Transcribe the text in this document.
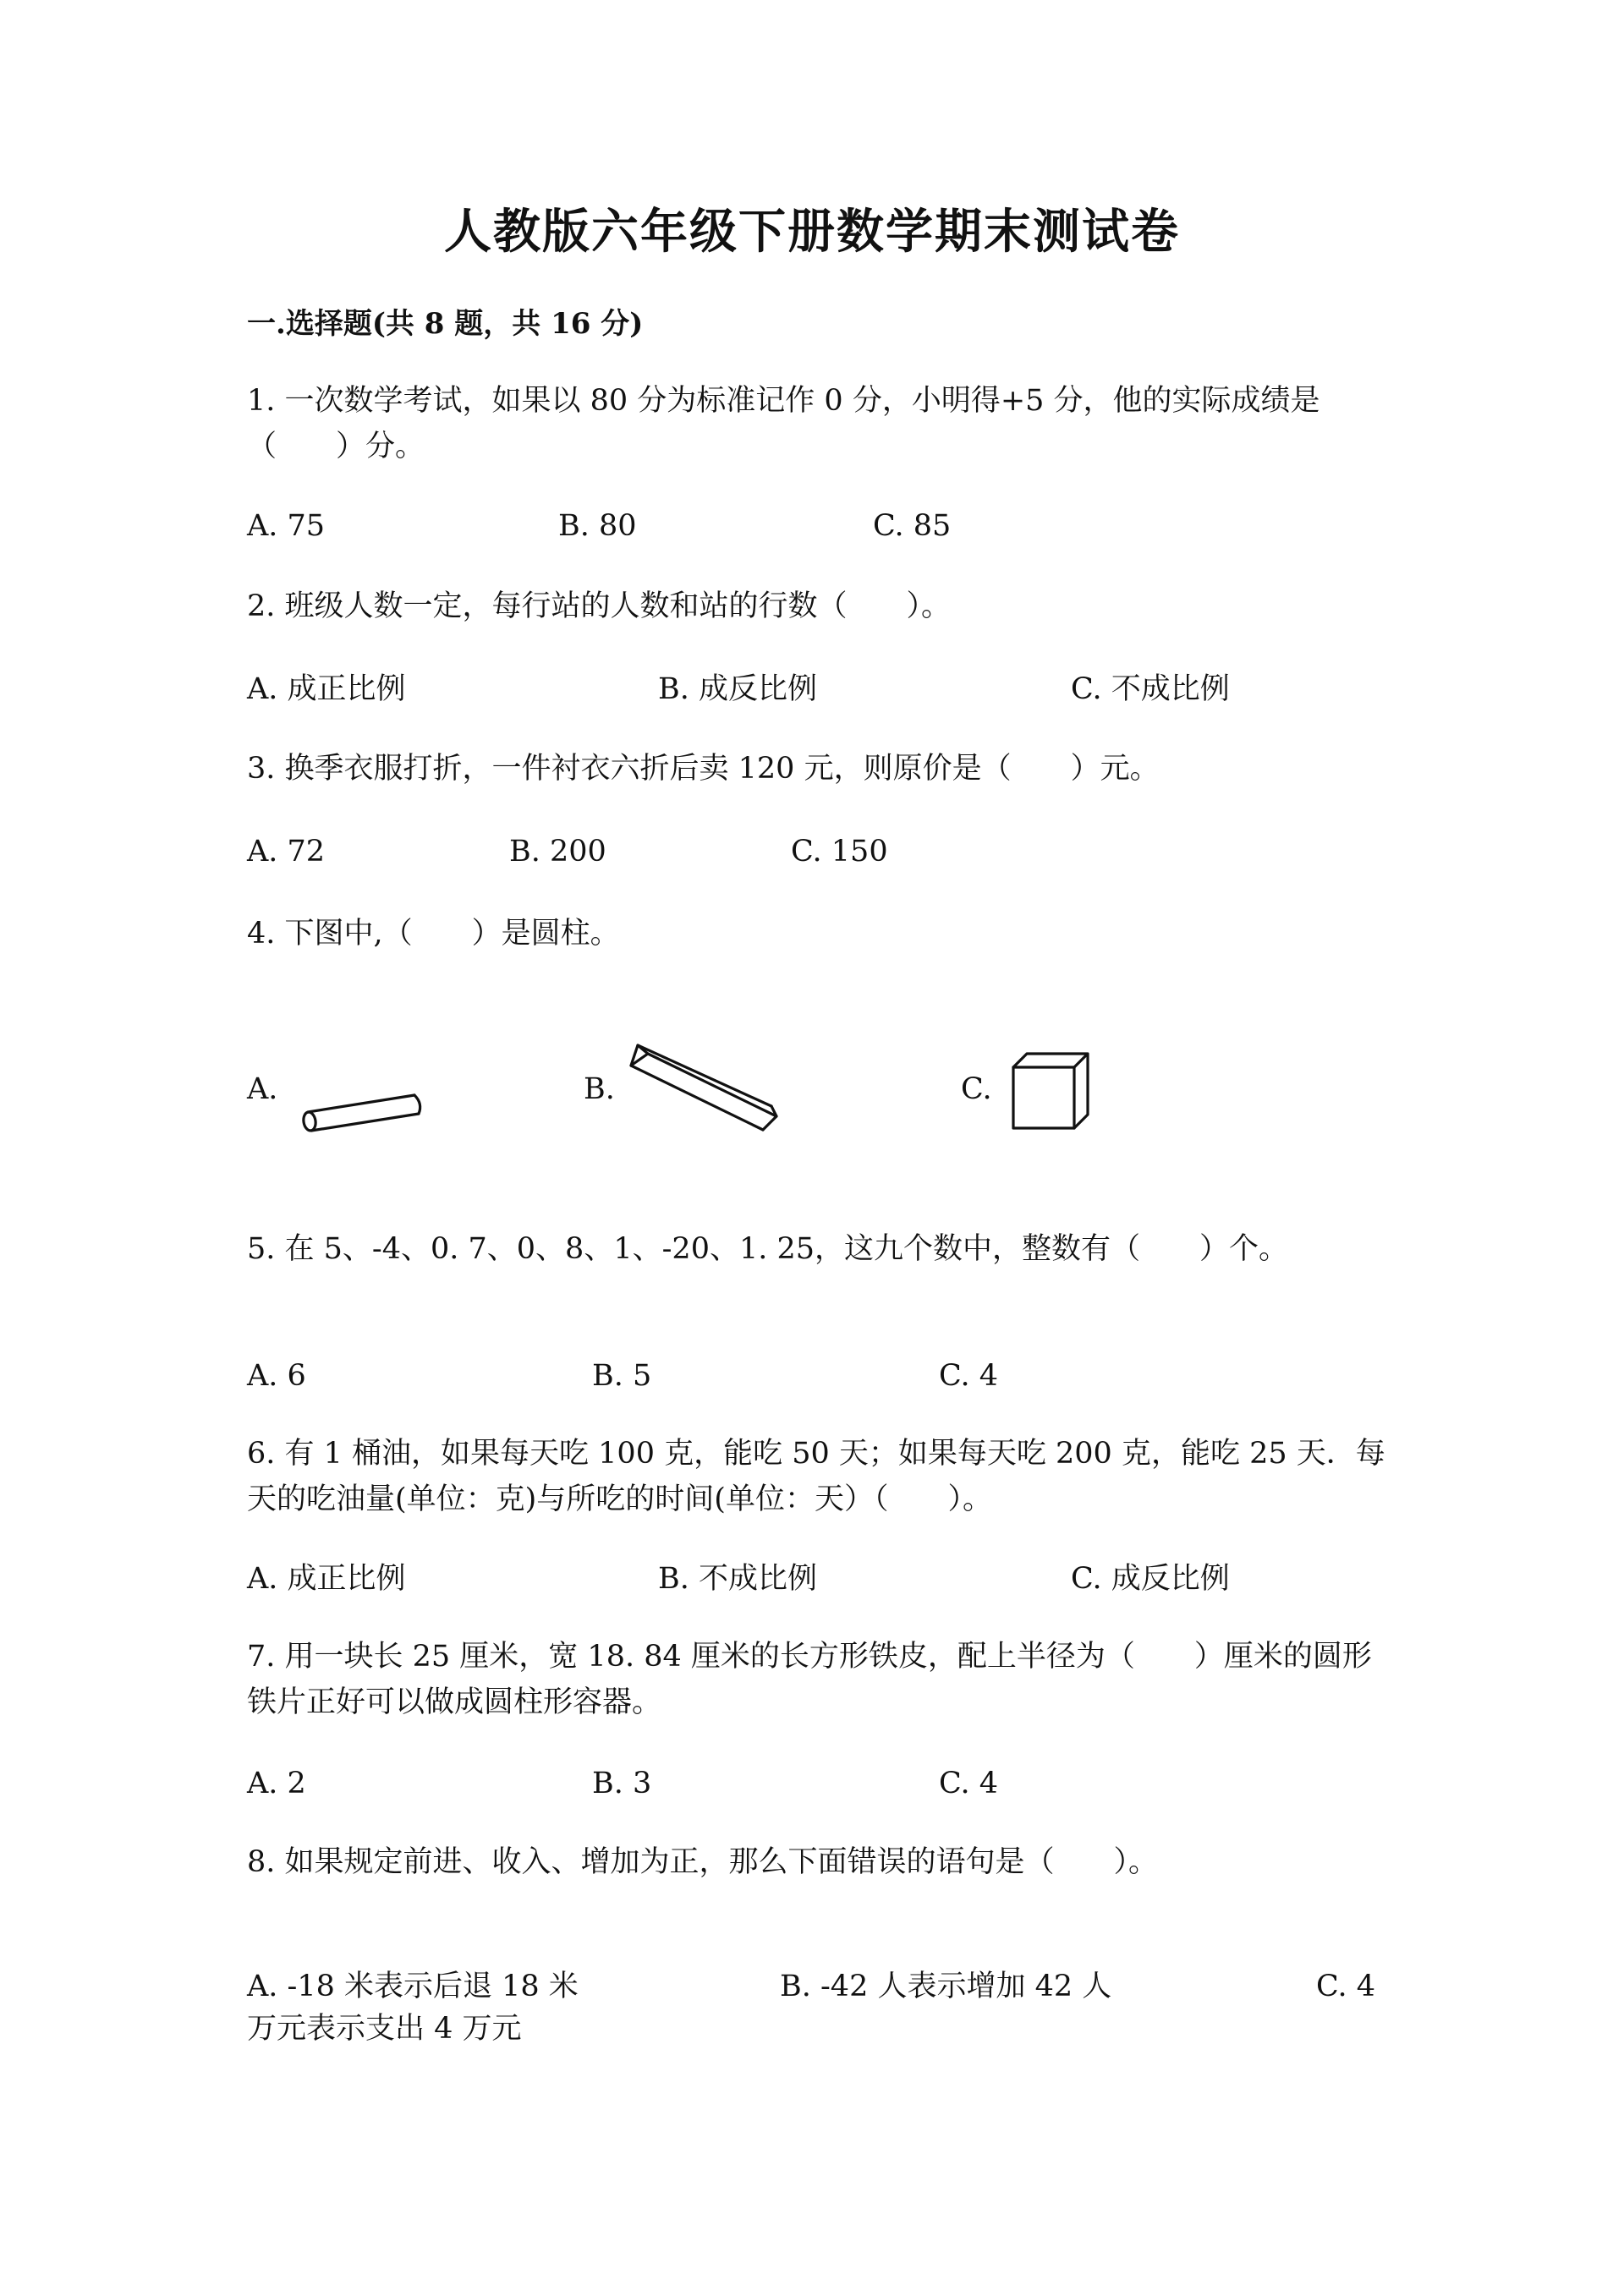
人教版六年级下册数学期末测试卷
一.选择题(共 8 题，共 16 分)
1. 一次数学考试，如果以 80 分为标准记作 0 分，小明得+5 分，他的实际成绩是（　　）分。
A. 75	B. 80	C. 85
2. 班级人数一定，每行站的人数和站的行数（　　）。
A. 成正比例	B. 成反比例	C. 不成比例
3. 换季衣服打折，一件衬衣六折后卖 120 元，则原价是（　　）元。
A. 72	B. 200	C. 150
4. 下图中,（　　）是圆柱。
A.	B.	C.
5. 在 5、-4、0. 7、0、8、1、-20、1. 25，这九个数中，整数有（　　）个。
A. 6	B. 5	C. 4
6. 有 1 桶油，如果每天吃 100 克，能吃 50 天；如果每天吃 200 克，能吃 25 天．每天的吃油量(单位：克)与所吃的时间(单位：天）（　　）。
A. 成正比例	B. 不成比例	C. 成反比例
7. 用一块长 25 厘米，宽 18. 84 厘米的长方形铁皮，配上半径为（　　）厘米的圆形铁片正好可以做成圆柱形容器。
A. 2	B. 3	C. 4
8. 如果规定前进、收入、增加为正，那么下面错误的语句是（　　）。
A. -18 米表示后退 18 米	B. -42 人表示增加 42 人	C. 4
万元表示支出 4 万元
